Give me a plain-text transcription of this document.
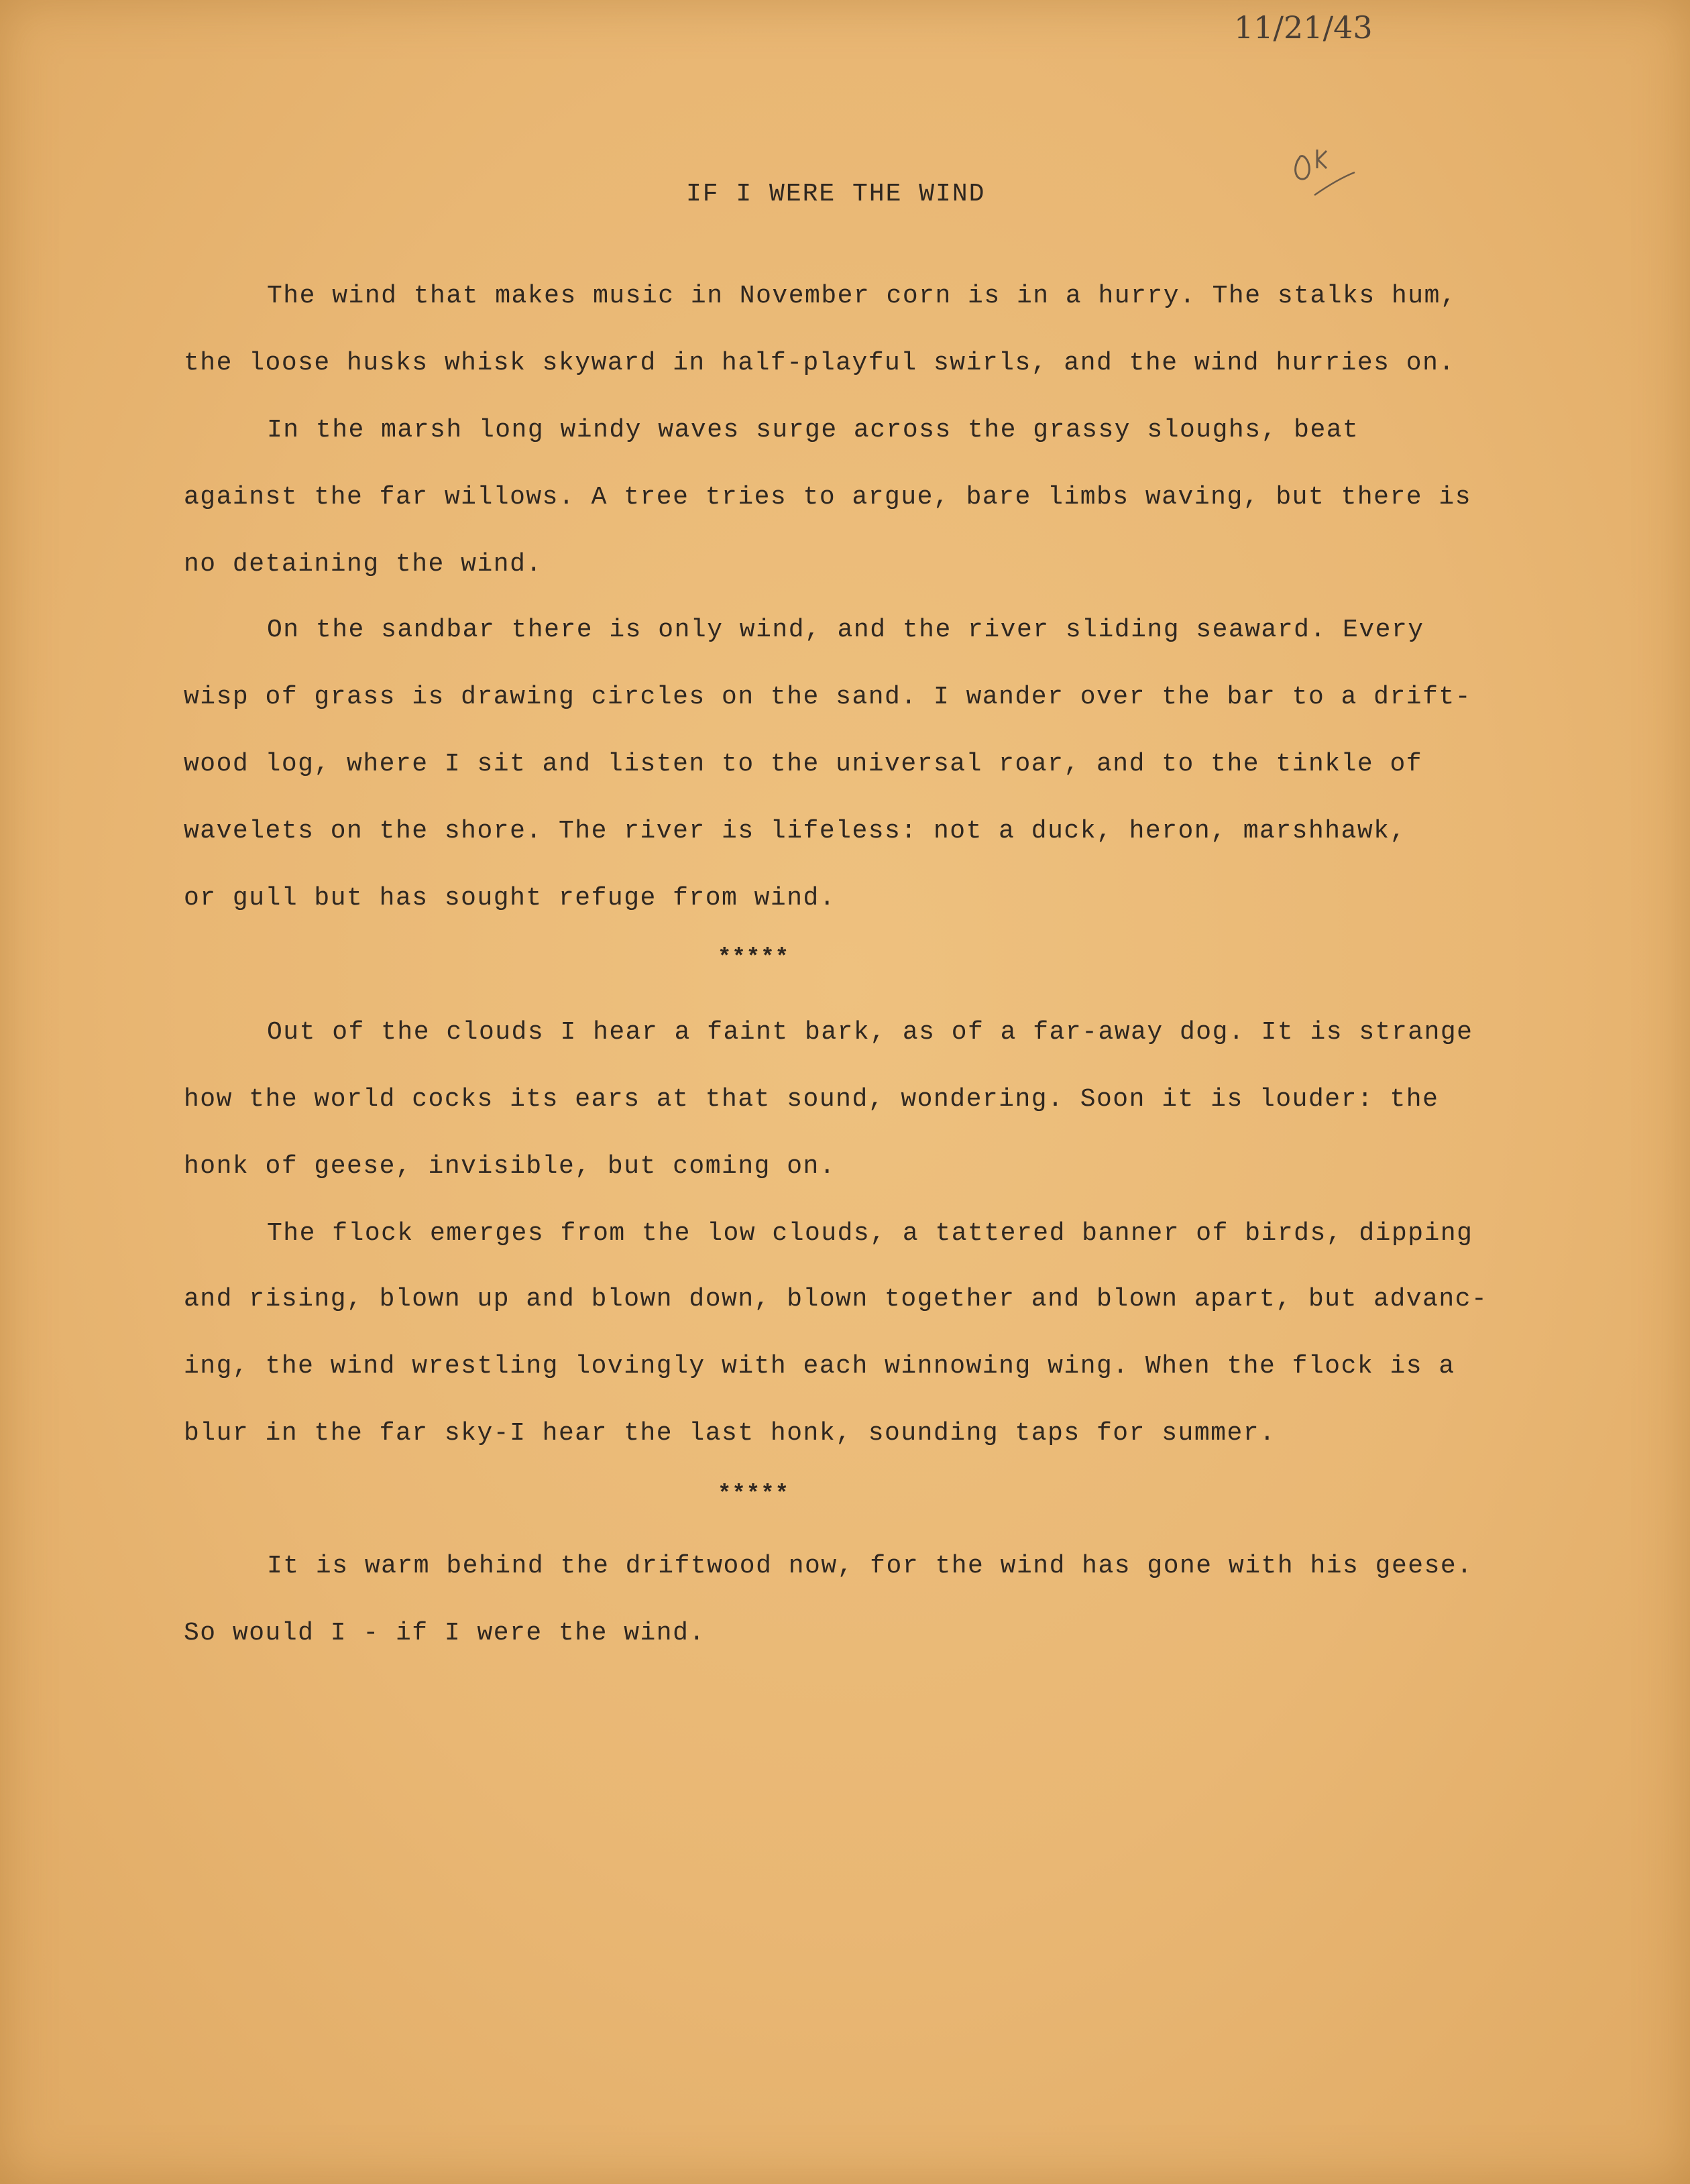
11/21/43
IF I WERE THE WIND
The wind that makes music in November corn is in a hurry. The stalks hum,
the loose husks whisk skyward in half-playful swirls, and the wind hurries on.
In the marsh long windy waves surge across the grassy sloughs, beat
against the far willows. A tree tries to argue, bare limbs waving, but there is
no detaining the wind.
On the sandbar there is only wind, and the river sliding seaward. Every
wisp of grass is drawing circles on the sand. I wander over the bar to a drift-
wood log, where I sit and listen to the universal roar, and to the tinkle of
wavelets on the shore. The river is lifeless: not a duck, heron, marshhawk,
or gull but has sought refuge from wind.
*****
Out of the clouds I hear a faint bark, as of a far-away dog. It is strange
how the world cocks its ears at that sound, wondering. Soon it is louder: the
honk of geese, invisible, but coming on.
The flock emerges from the low clouds, a tattered banner of birds, dipping
and rising, blown up and blown down, blown together and blown apart, but advanc-
ing, the wind wrestling lovingly with each winnowing wing. When the flock is a
blur in the far sky-I hear the last honk, sounding taps for summer.
*****
It is warm behind the driftwood now, for the wind has gone with his geese.
So would I - if I were the wind.
